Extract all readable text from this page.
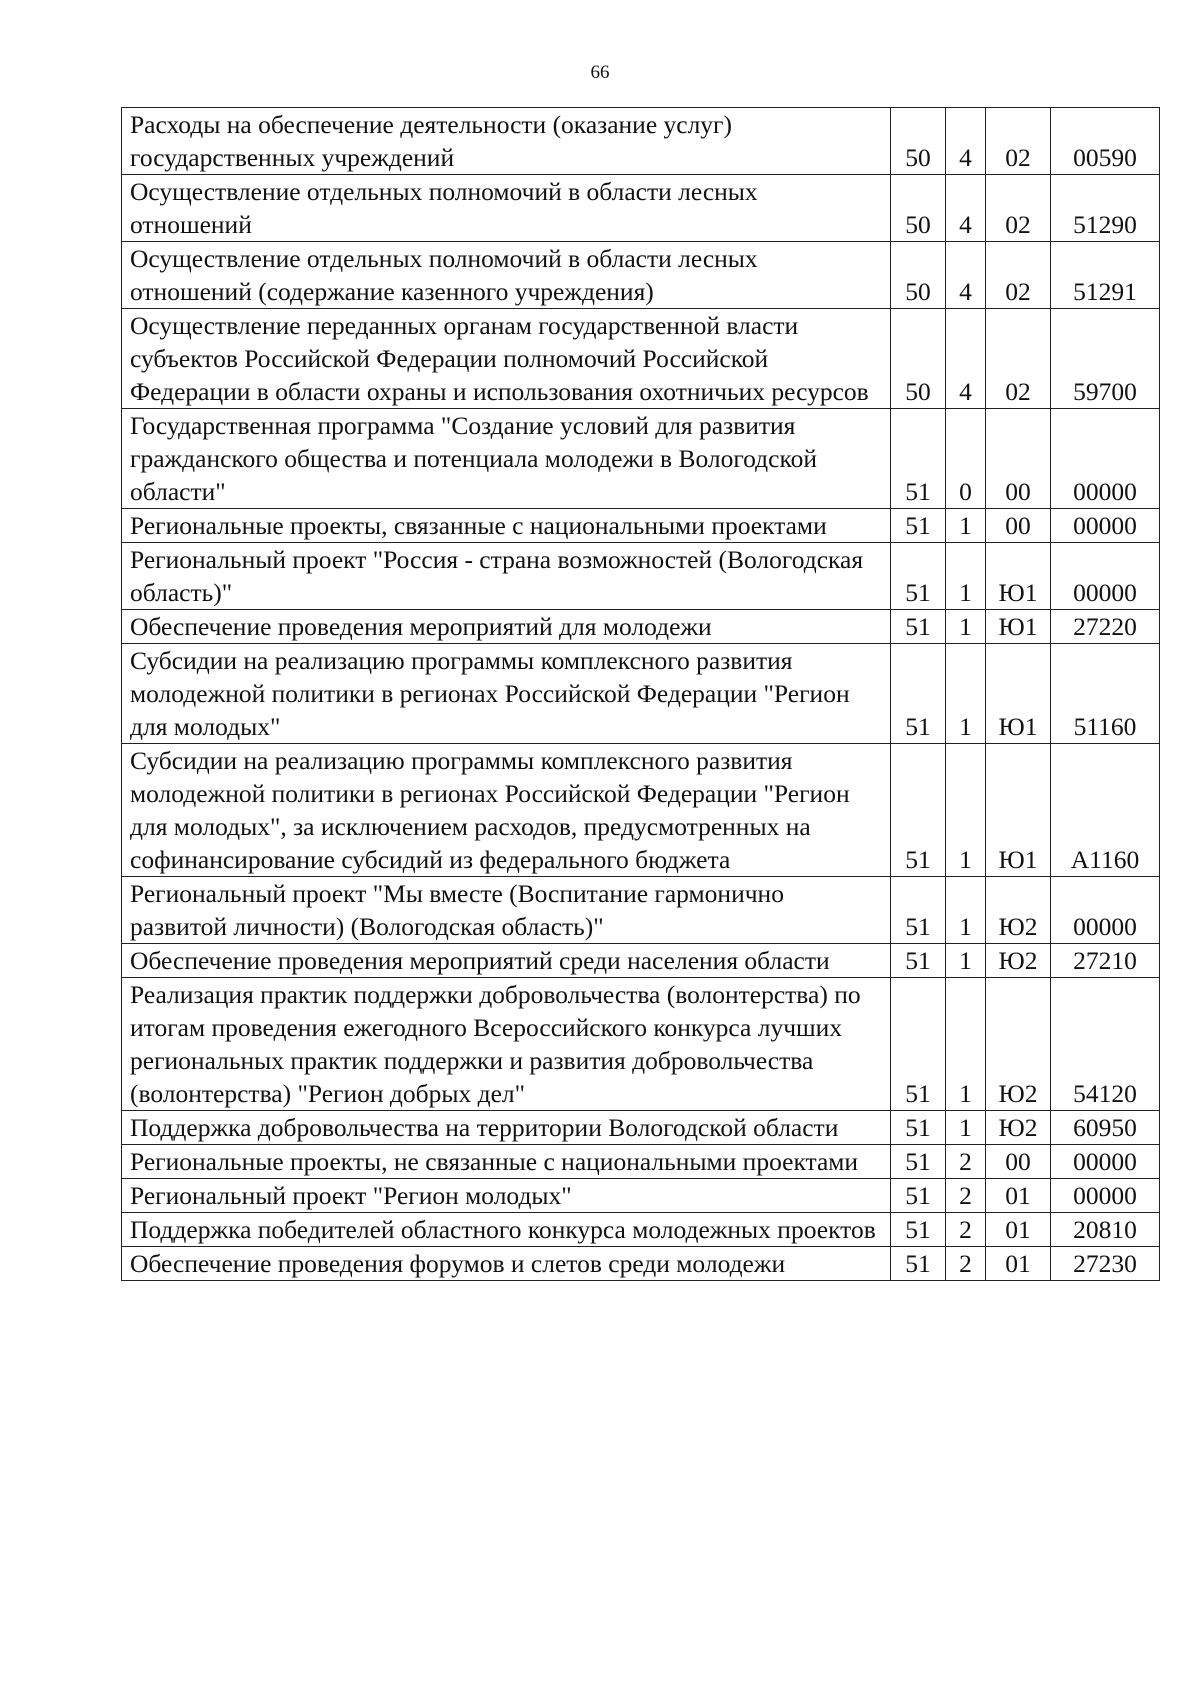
66
Расходы на обеспечение деятельности (оказание услуг) государственных учреждений	50	4	02	00590
Осуществление отдельных полномочий в области лесных отношений	50	4	02	51290
Осуществление отдельных полномочий в области лесных отношений (содержание казенного учреждения)	50	4	02	51291
Осуществление переданных органам государственной власти субъектов Российской Федерации полномочий Российской Федерации в области охраны и использования охотничьих ресурсов	50	4	02	59700
Государственная программа "Создание условий для развития гражданского общества и потенциала молодежи в Вологодской области"	51	0	00	00000
Региональные проекты, связанные с национальными проектами	51	1	00	00000
Региональный проект "Россия - страна возможностей (Вологодская область)"	51	1	Ю1	00000
Обеспечение проведения мероприятий для молодежи	51	1	Ю1	27220
Субсидии на реализацию программы комплексного развития молодежной политики в регионах Российской Федерации "Регион для молодых"	51	1	Ю1	51160
Субсидии на реализацию программы комплексного развития молодежной политики в регионах Российской Федерации "Регион для молодых", за исключением расходов, предусмотренных на софинансирование субсидий из федерального бюджета	51	1	Ю1	А1160
Региональный проект "Мы вместе (Воспитание гармонично развитой личности) (Вологодская область)"	51	1	Ю2	00000
Обеспечение проведения мероприятий среди населения области	51	1	Ю2	27210
Реализация практик поддержки добровольчества (волонтерства) по итогам проведения ежегодного Всероссийского конкурса лучших региональных практик поддержки и развития добровольчества (волонтерства) "Регион добрых дел"	51	1	Ю2	54120
Поддержка добровольчества на территории Вологодской области	51	1	Ю2	60950
Региональные проекты, не связанные с национальными проектами	51	2	00	00000
Региональный проект "Регион молодых"	51	2	01	00000
Поддержка победителей областного конкурса молодежных проектов	51	2	01	20810
Обеспечение проведения форумов и слетов среди молодежи	51	2	01	27230
